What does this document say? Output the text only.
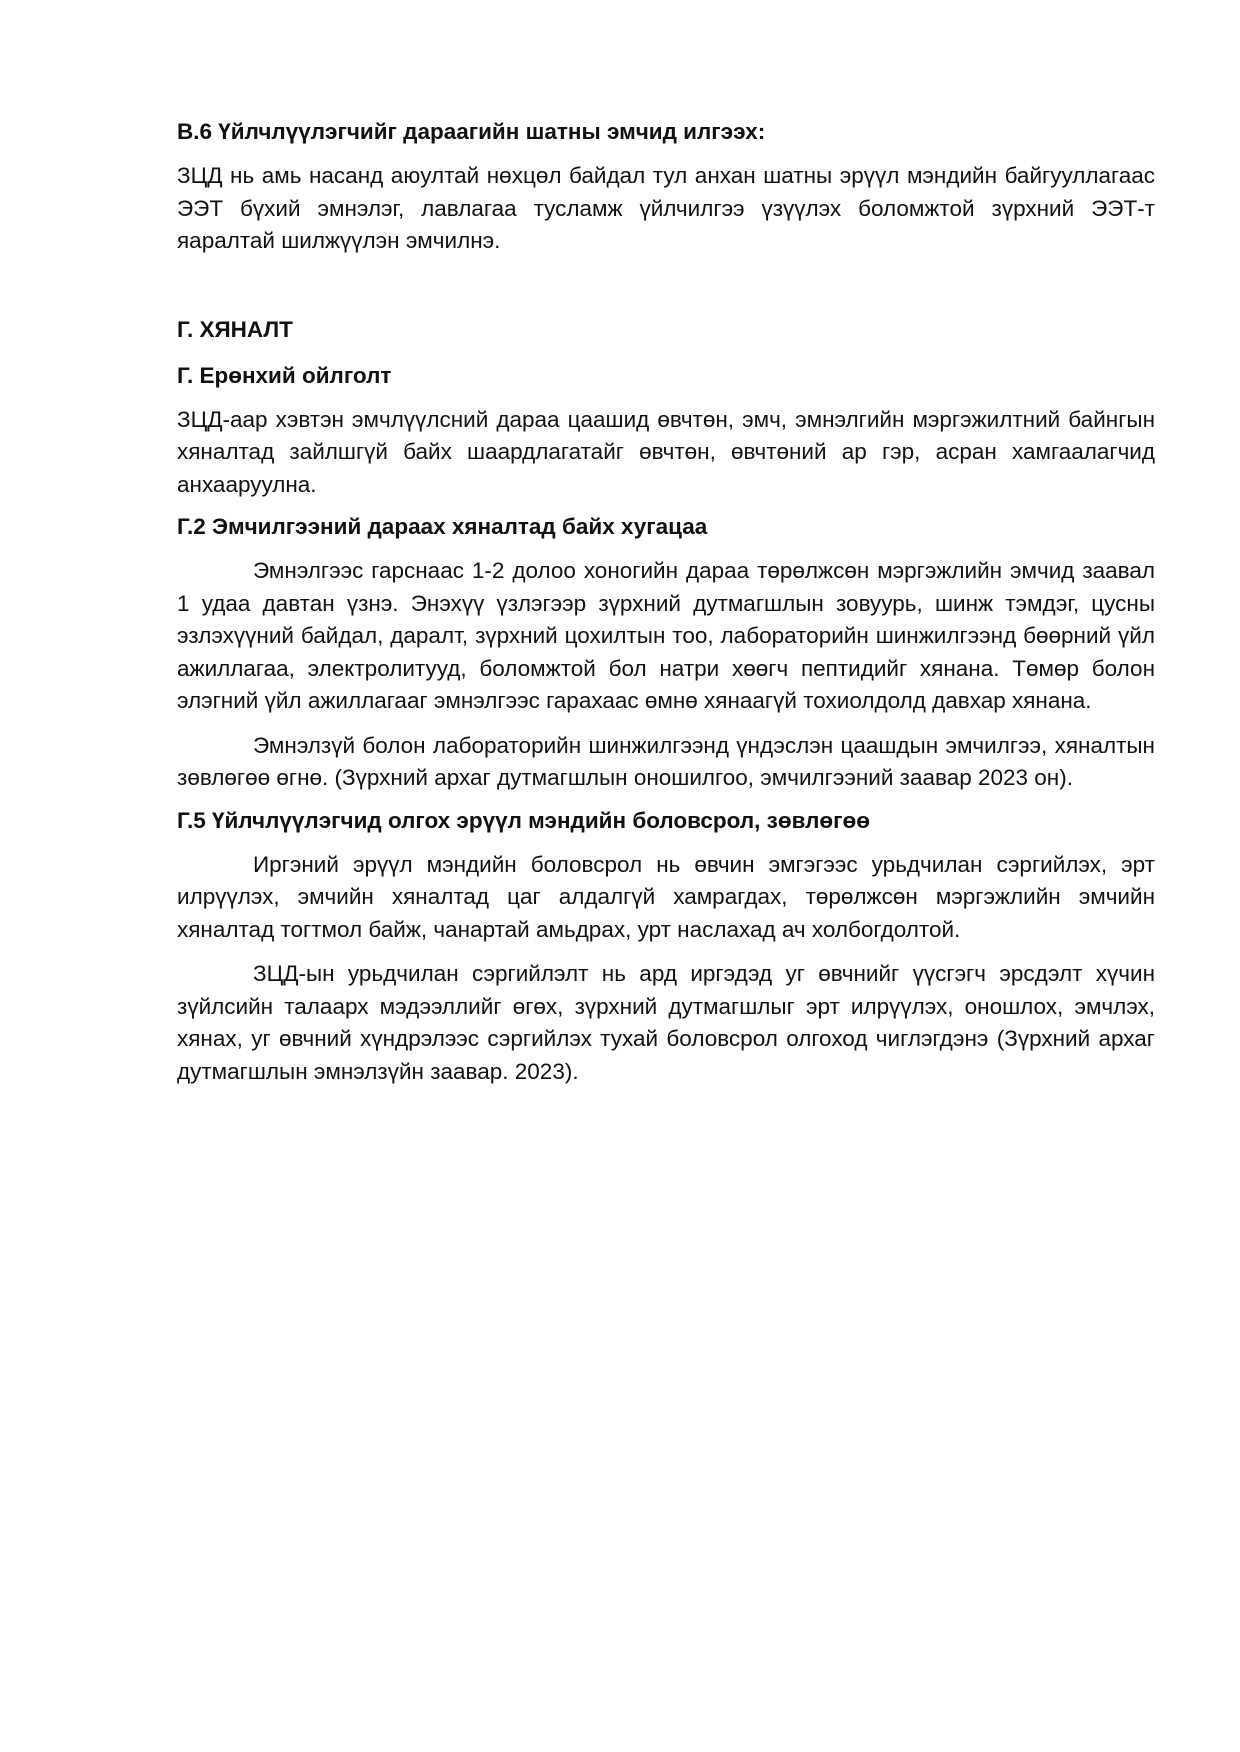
В.6 Үйлчлүүлэгчийг дараагийн шатны эмчид илгээх:

ЗЦД нь амь насанд аюултай нөхцөл байдал тул анхан шатны эрүүл мэндийн байгууллагаас ЭЭТ бүхий эмнэлэг, лавлагаа тусламж үйлчилгээ үзүүлэх боломжтой зүрхний ЭЭТ-т яаралтай шилжүүлэн эмчилнэ.

Г. ХЯНАЛТ

Г. Ерөнхий ойлголт

ЗЦД-аар хэвтэн эмчлүүлсний дараа цаашид өвчтөн, эмч, эмнэлгийн мэргэжилтний байнгын хяналтад зайлшгүй байх шаардлагатайг өвчтөн, өвчтөний ар гэр, асран хамгаалагчид анхааруулна.

Г.2 Эмчилгээний дараах хяналтад байх хугацаа

Эмнэлгээс гарснаас 1-2 долоо хоногийн дараа төрөлжсөн мэргэжлийн эмчид заавал 1 удаа давтан үзнэ. Энэхүү үзлэгээр зүрхний дутмагшлын зовуурь, шинж тэмдэг, цусны эзлэхүүний байдал, даралт, зүрхний цохилтын тоо, лабораторийн шинжилгээнд бөөрний үйл ажиллагаа, электролитууд, боломжтой бол натри хөөгч пептидийг хянана. Төмөр болон элэгний үйл ажиллагааг эмнэлгээс гарахаас өмнө хянаагүй тохиолдолд давхар хянана.

Эмнэлзүй болон лабораторийн шинжилгээнд үндэслэн цаашдын эмчилгээ, хяналтын зөвлөгөө өгнө. (Зүрхний архаг дутмагшлын оношилгоо, эмчилгээний заавар 2023 он).

Г.5 Үйлчлүүлэгчид олгох эрүүл мэндийн боловсрол, зөвлөгөө

Иргэний эрүүл мэндийн боловсрол нь өвчин эмгэгээс урьдчилан сэргийлэх, эрт илрүүлэх, эмчийн хяналтад цаг алдалгүй хамрагдах, төрөлжсөн мэргэжлийн эмчийн хяналтад тогтмол байж, чанартай амьдрах, урт наслахад ач холбогдолтой.

ЗЦД-ын урьдчилан сэргийлэлт нь ард иргэдэд уг өвчнийг үүсгэгч эрсдэлт хүчин зүйлсийн талаарх мэдээллийг өгөх, зүрхний дутмагшлыг эрт илрүүлэх, оношлох, эмчлэх, хянах, уг өвчний хүндрэлээс сэргийлэх тухай боловсрол олгоход чиглэгдэнэ (Зүрхний архаг дутмагшлын эмнэлзүйн заавар. 2023).
